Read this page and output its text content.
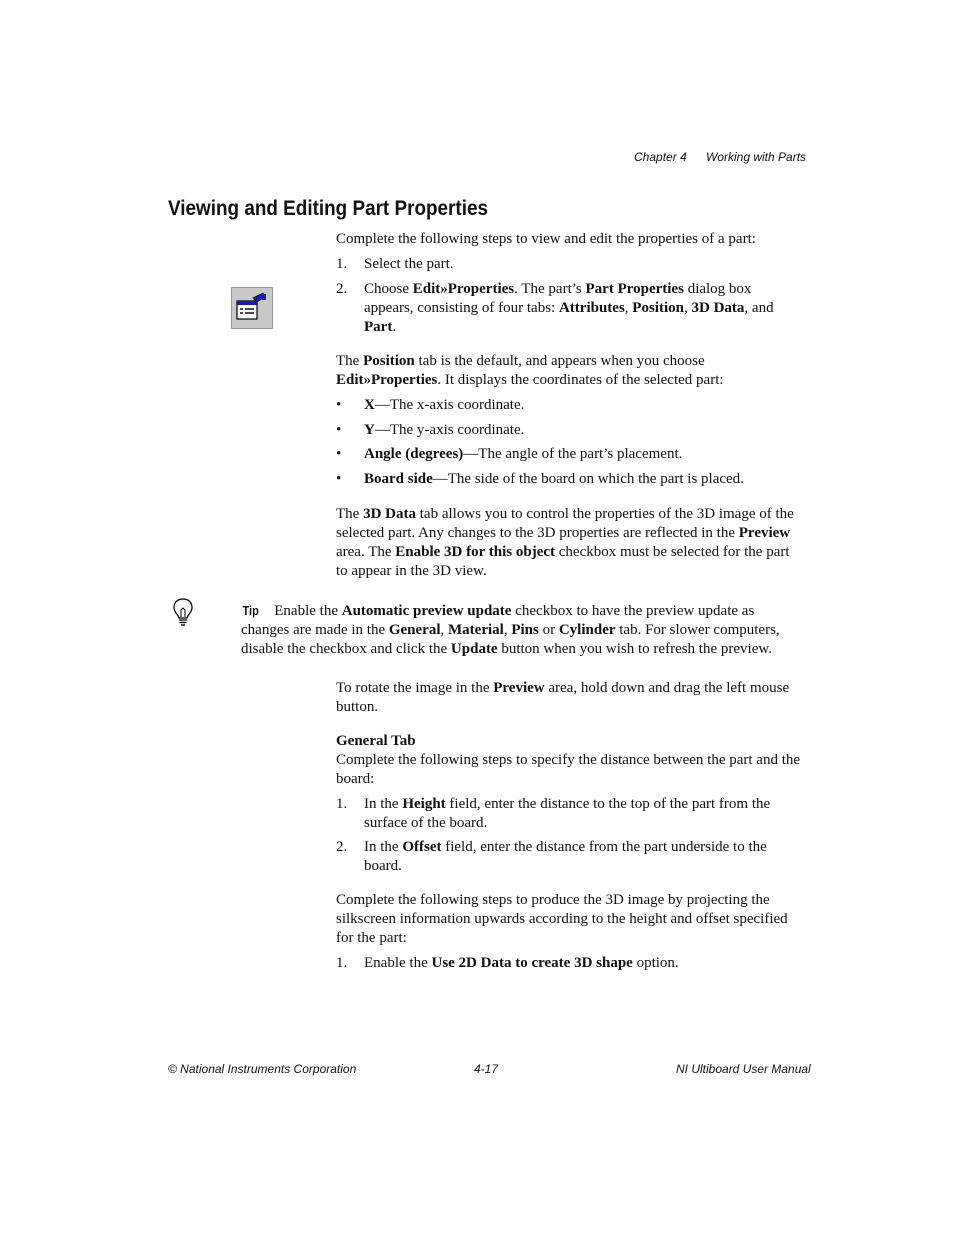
Chapter 4 Working with Parts
Viewing and Editing Part Properties
Complete the following steps to view and edit the properties of a part:
1. Select the part.
2. Choose Edit»Properties. The part’s Part Properties dialog box appears, consisting of four tabs: Attributes, Position, 3D Data, and Part.
The Position tab is the default, and appears when you choose Edit»Properties. It displays the coordinates of the selected part:
• X—The x-axis coordinate.
• Y—The y-axis coordinate.
• Angle (degrees)—The angle of the part’s placement.
• Board side—The side of the board on which the part is placed.
The 3D Data tab allows you to control the properties of the 3D image of the selected part. Any changes to the 3D properties are reflected in the Preview area. The Enable 3D for this object checkbox must be selected for the part to appear in the 3D view.
Tip Enable the Automatic preview update checkbox to have the preview update as changes are made in the General, Material, Pins or Cylinder tab. For slower computers, disable the checkbox and click the Update button when you wish to refresh the preview.
To rotate the image in the Preview area, hold down and drag the left mouse button.
General Tab
Complete the following steps to specify the distance between the part and the board:
1. In the Height field, enter the distance to the top of the part from the surface of the board.
2. In the Offset field, enter the distance from the part underside to the board.
Complete the following steps to produce the 3D image by projecting the silkscreen information upwards according to the height and offset specified for the part:
1. Enable the Use 2D Data to create 3D shape option.
© National Instruments Corporation	4-17	NI Ultiboard User Manual
